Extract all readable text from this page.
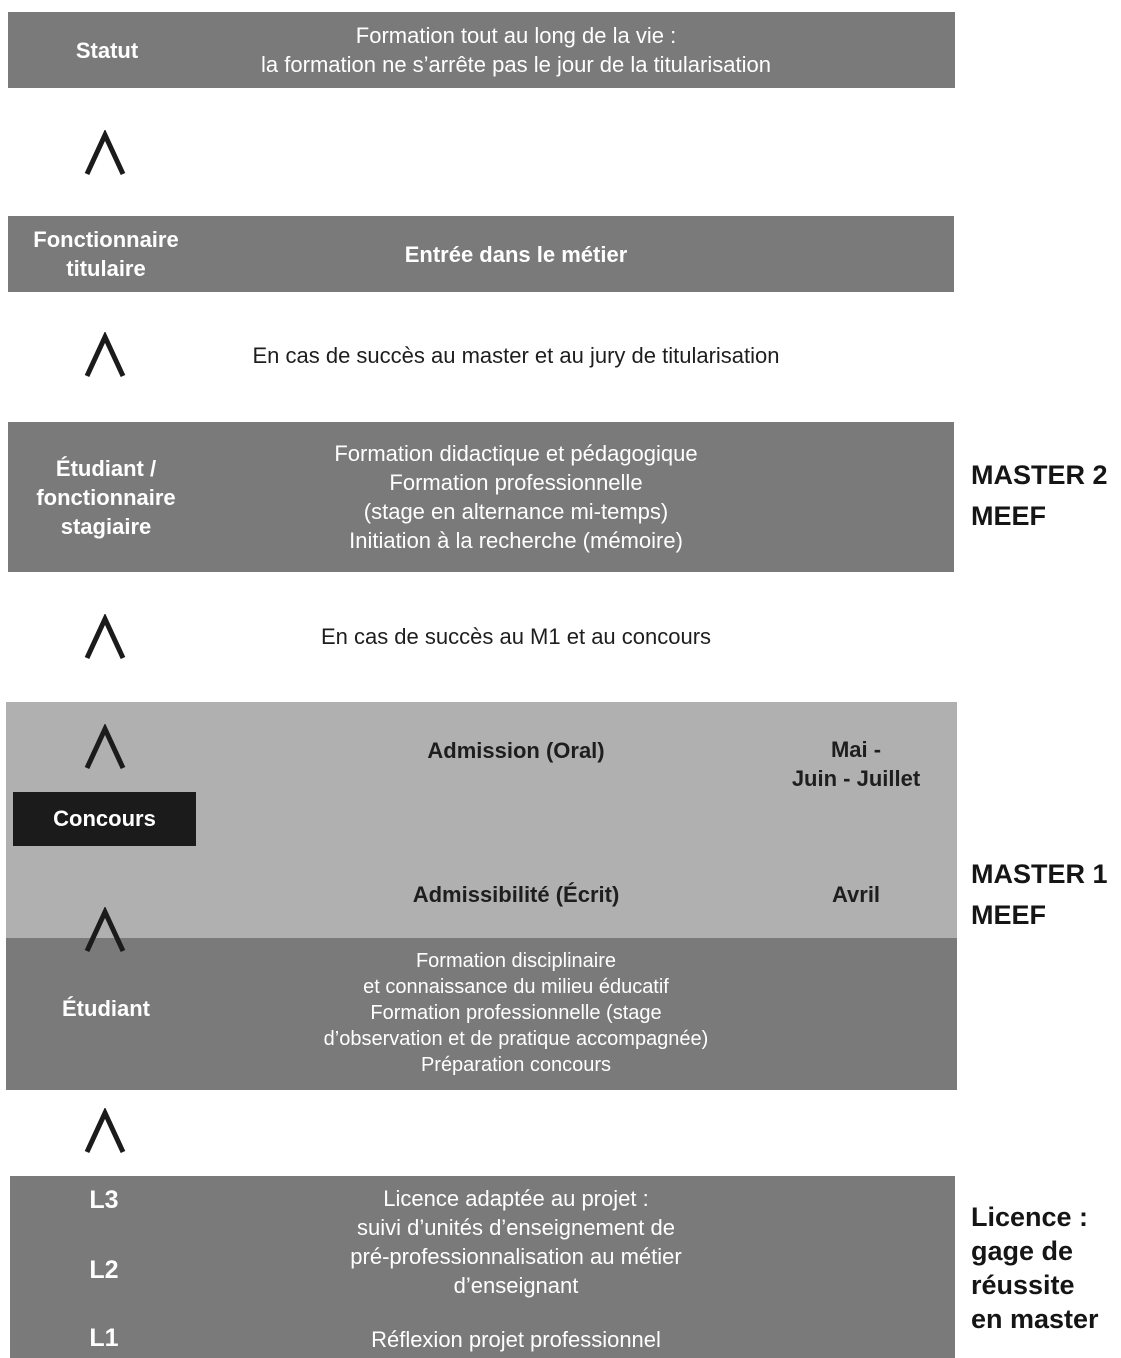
Statut
Formation tout au long de la vie :
la formation ne s’arrête pas le jour de la titularisation
Fonctionnaire
titulaire
Entrée dans le métier
En cas de succès au master et au jury de titularisation
Étudiant /
fonctionnaire
stagiaire
Formation didactique et pédagogique
Formation professionnelle
(stage en alternance mi-temps)
Initiation à la recherche (mémoire)
MASTER 2
MEEF
En cas de succès au M1 et au concours
Admission (Oral)	Mai -
Juin - Juillet
Admissibilité (Écrit)	Avril
Concours
Étudiant
Formation disciplinaire
et connaissance du milieu éducatif
Formation professionnelle (stage
d’observation et de pratique accompagnée)
Préparation concours
MASTER 1
MEEF
L3
L2
L1
Licence adaptée au projet :
suivi d’unités d’enseignement de
pré-professionnalisation au métier
d’enseignant
Réflexion projet professionnel
Licence :
gage de
réussite
en master
